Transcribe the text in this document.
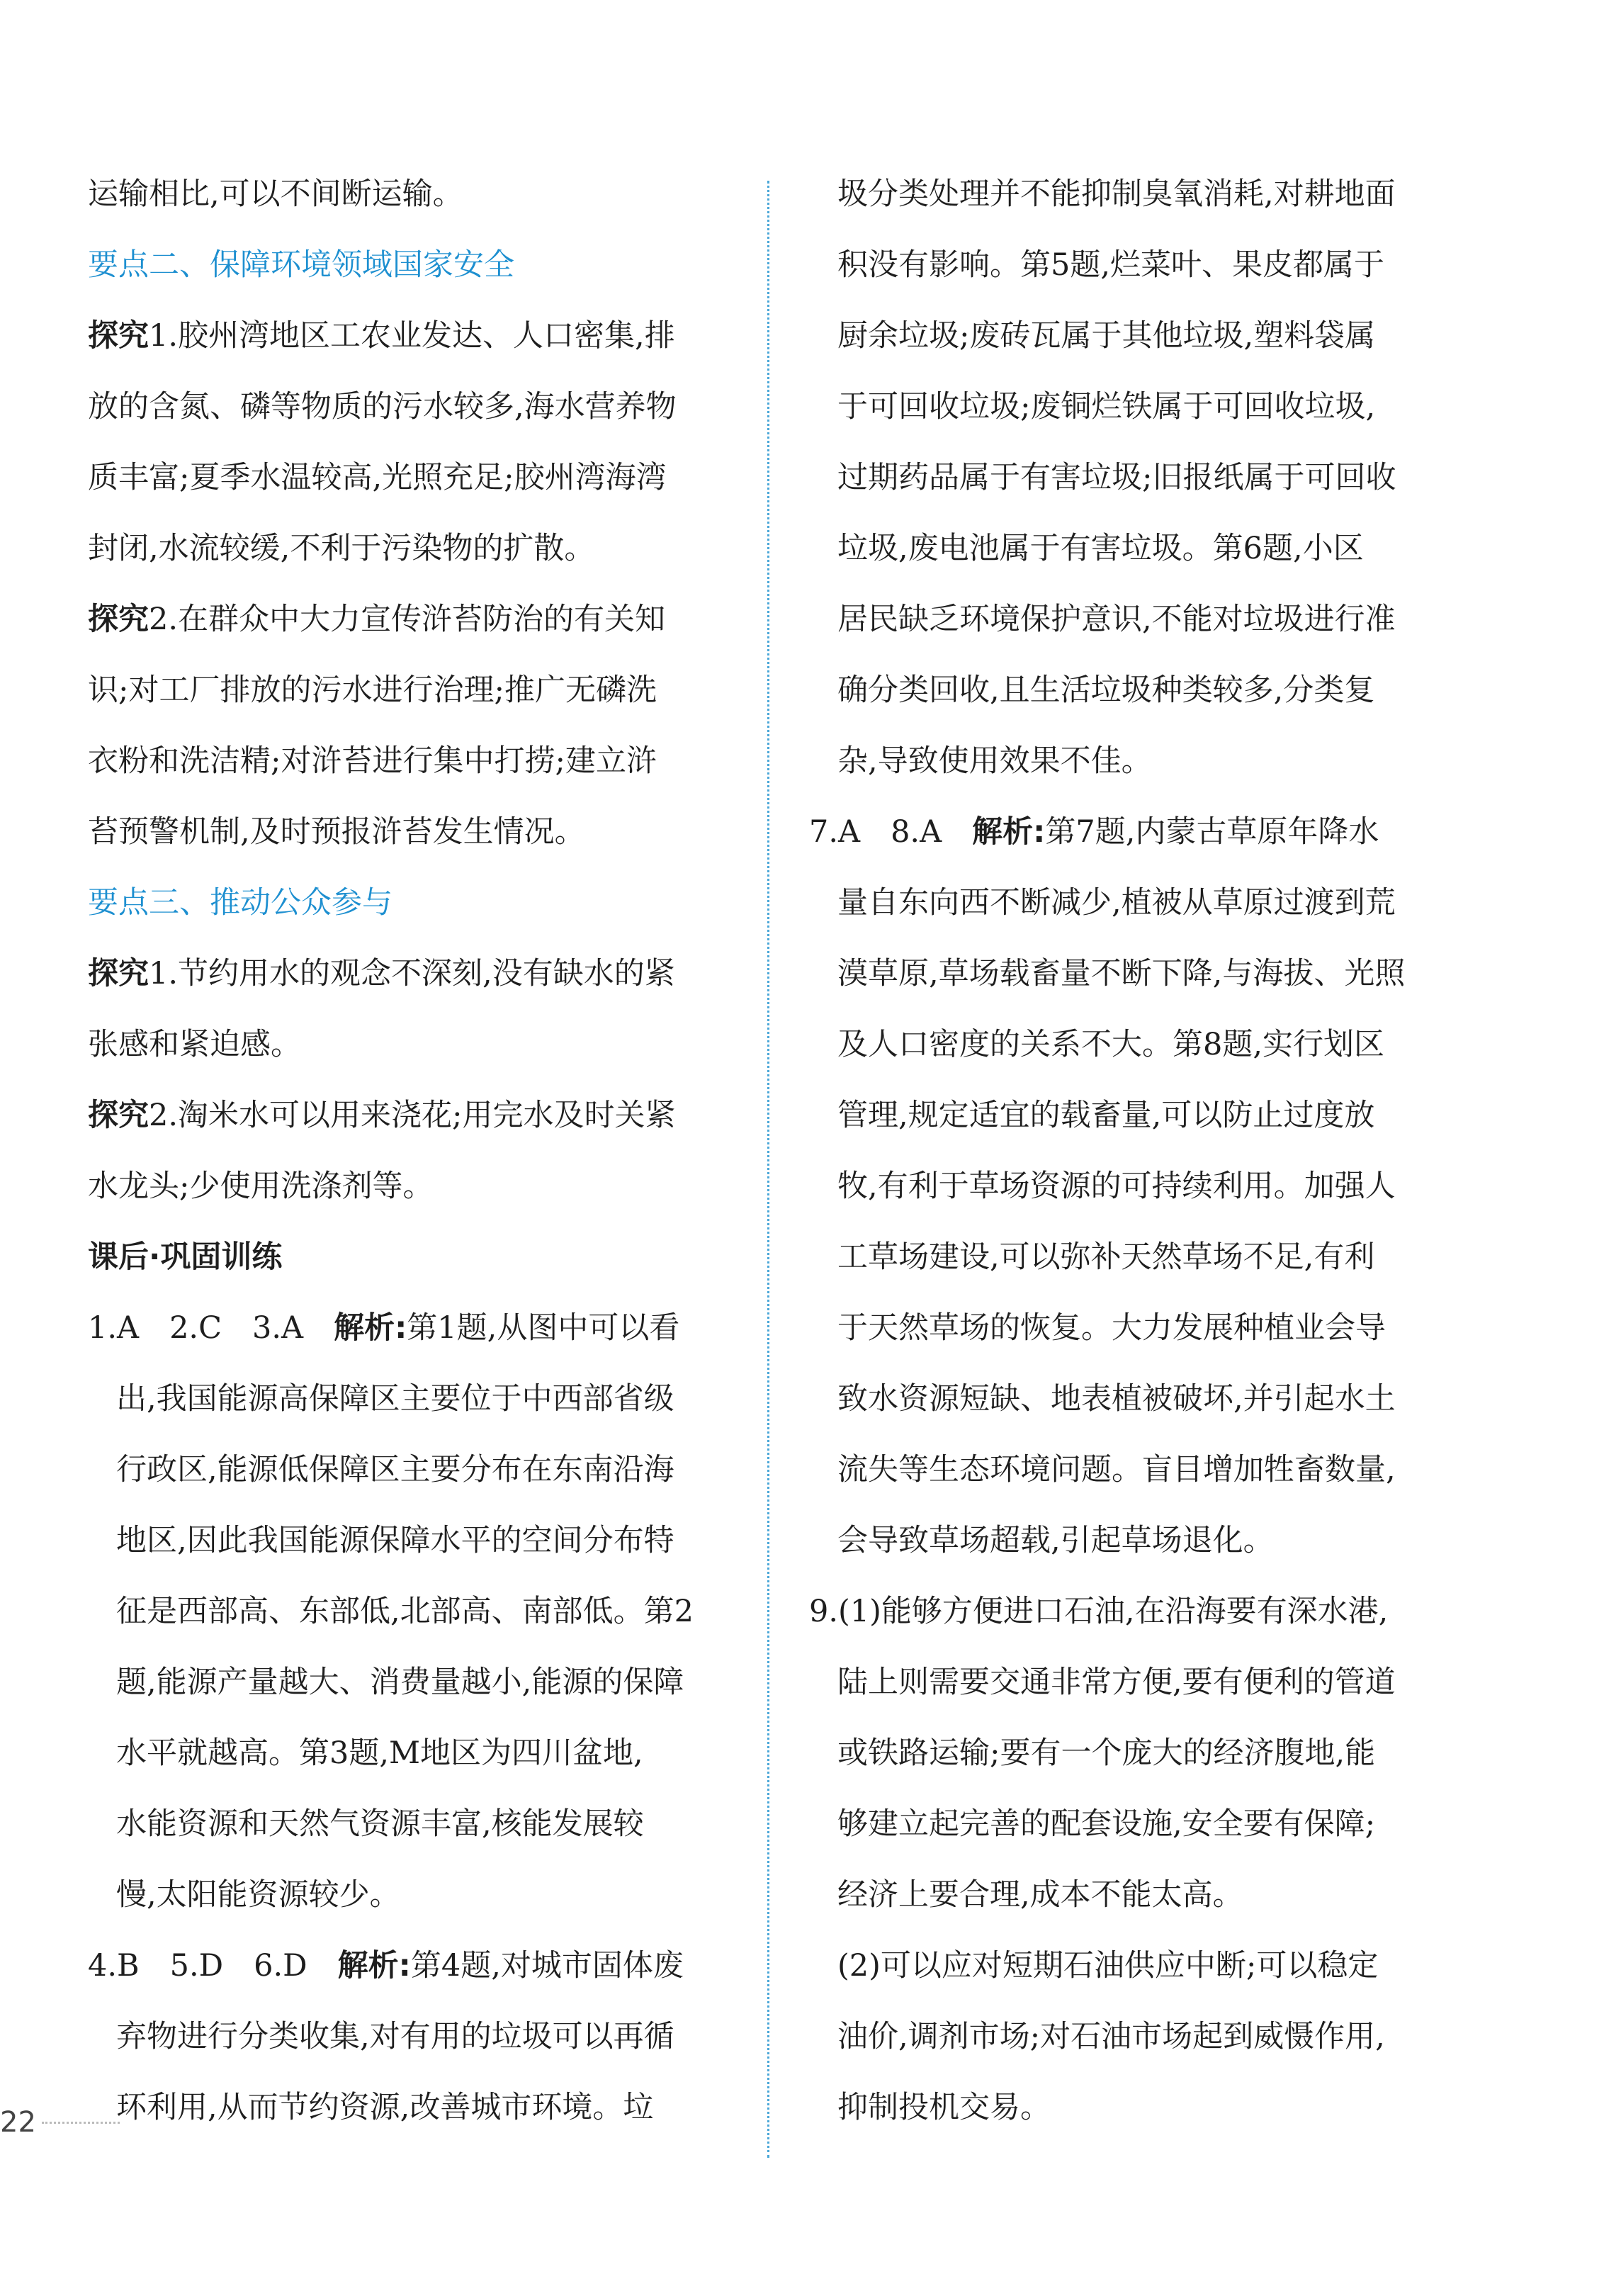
运输相比,可以不间断运输。
要点二、保障环境领域国家安全
探究1.胶州湾地区工农业发达、人口密集,排
放的含氮、磷等物质的污水较多,海水营养物
质丰富;夏季水温较高,光照充足;胶州湾海湾
封闭,水流较缓,不利于污染物的扩散。
探究2.在群众中大力宣传浒苔防治的有关知
识;对工厂排放的污水进行治理;推广无磷洗
衣粉和洗洁精;对浒苔进行集中打捞;建立浒
苔预警机制,及时预报浒苔发生情况。
要点三、推动公众参与
探究1.节约用水的观念不深刻,没有缺水的紧
张感和紧迫感。
探究2.淘米水可以用来浇花;用完水及时关紧
水龙头;少使用洗涤剂等。
课后·巩固训练
1.A　2.C　3.A　解析:第1题,从图中可以看
出,我国能源高保障区主要位于中西部省级
行政区,能源低保障区主要分布在东南沿海
地区,因此我国能源保障水平的空间分布特
征是西部高、东部低,北部高、南部低。第2
题,能源产量越大、消费量越小,能源的保障
水平就越高。第3题,M地区为四川盆地,
水能资源和天然气资源丰富,核能发展较
慢,太阳能资源较少。
4.B　5.D　6.D　解析:第4题,对城市固体废
弃物进行分类收集,对有用的垃圾可以再循
环利用,从而节约资源,改善城市环境。垃
圾分类处理并不能抑制臭氧消耗,对耕地面
积没有影响。第5题,烂菜叶、果皮都属于
厨余垃圾;废砖瓦属于其他垃圾,塑料袋属
于可回收垃圾;废铜烂铁属于可回收垃圾,
过期药品属于有害垃圾;旧报纸属于可回收
垃圾,废电池属于有害垃圾。第6题,小区
居民缺乏环境保护意识,不能对垃圾进行准
确分类回收,且生活垃圾种类较多,分类复
杂,导致使用效果不佳。
7.A　8.A　解析:第7题,内蒙古草原年降水
量自东向西不断减少,植被从草原过渡到荒
漠草原,草场载畜量不断下降,与海拔、光照
及人口密度的关系不大。第8题,实行划区
管理,规定适宜的载畜量,可以防止过度放
牧,有利于草场资源的可持续利用。加强人
工草场建设,可以弥补天然草场不足,有利
于天然草场的恢复。大力发展种植业会导
致水资源短缺、地表植被破坏,并引起水土
流失等生态环境问题。盲目增加牲畜数量,
会导致草场超载,引起草场退化。
9.(1)能够方便进口石油,在沿海要有深水港,
陆上则需要交通非常方便,要有便利的管道
或铁路运输;要有一个庞大的经济腹地,能
够建立起完善的配套设施,安全要有保障;
经济上要合理,成本不能太高。
(2)可以应对短期石油供应中断;可以稳定
油价,调剂市场;对石油市场起到威慑作用,
抑制投机交易。
22
